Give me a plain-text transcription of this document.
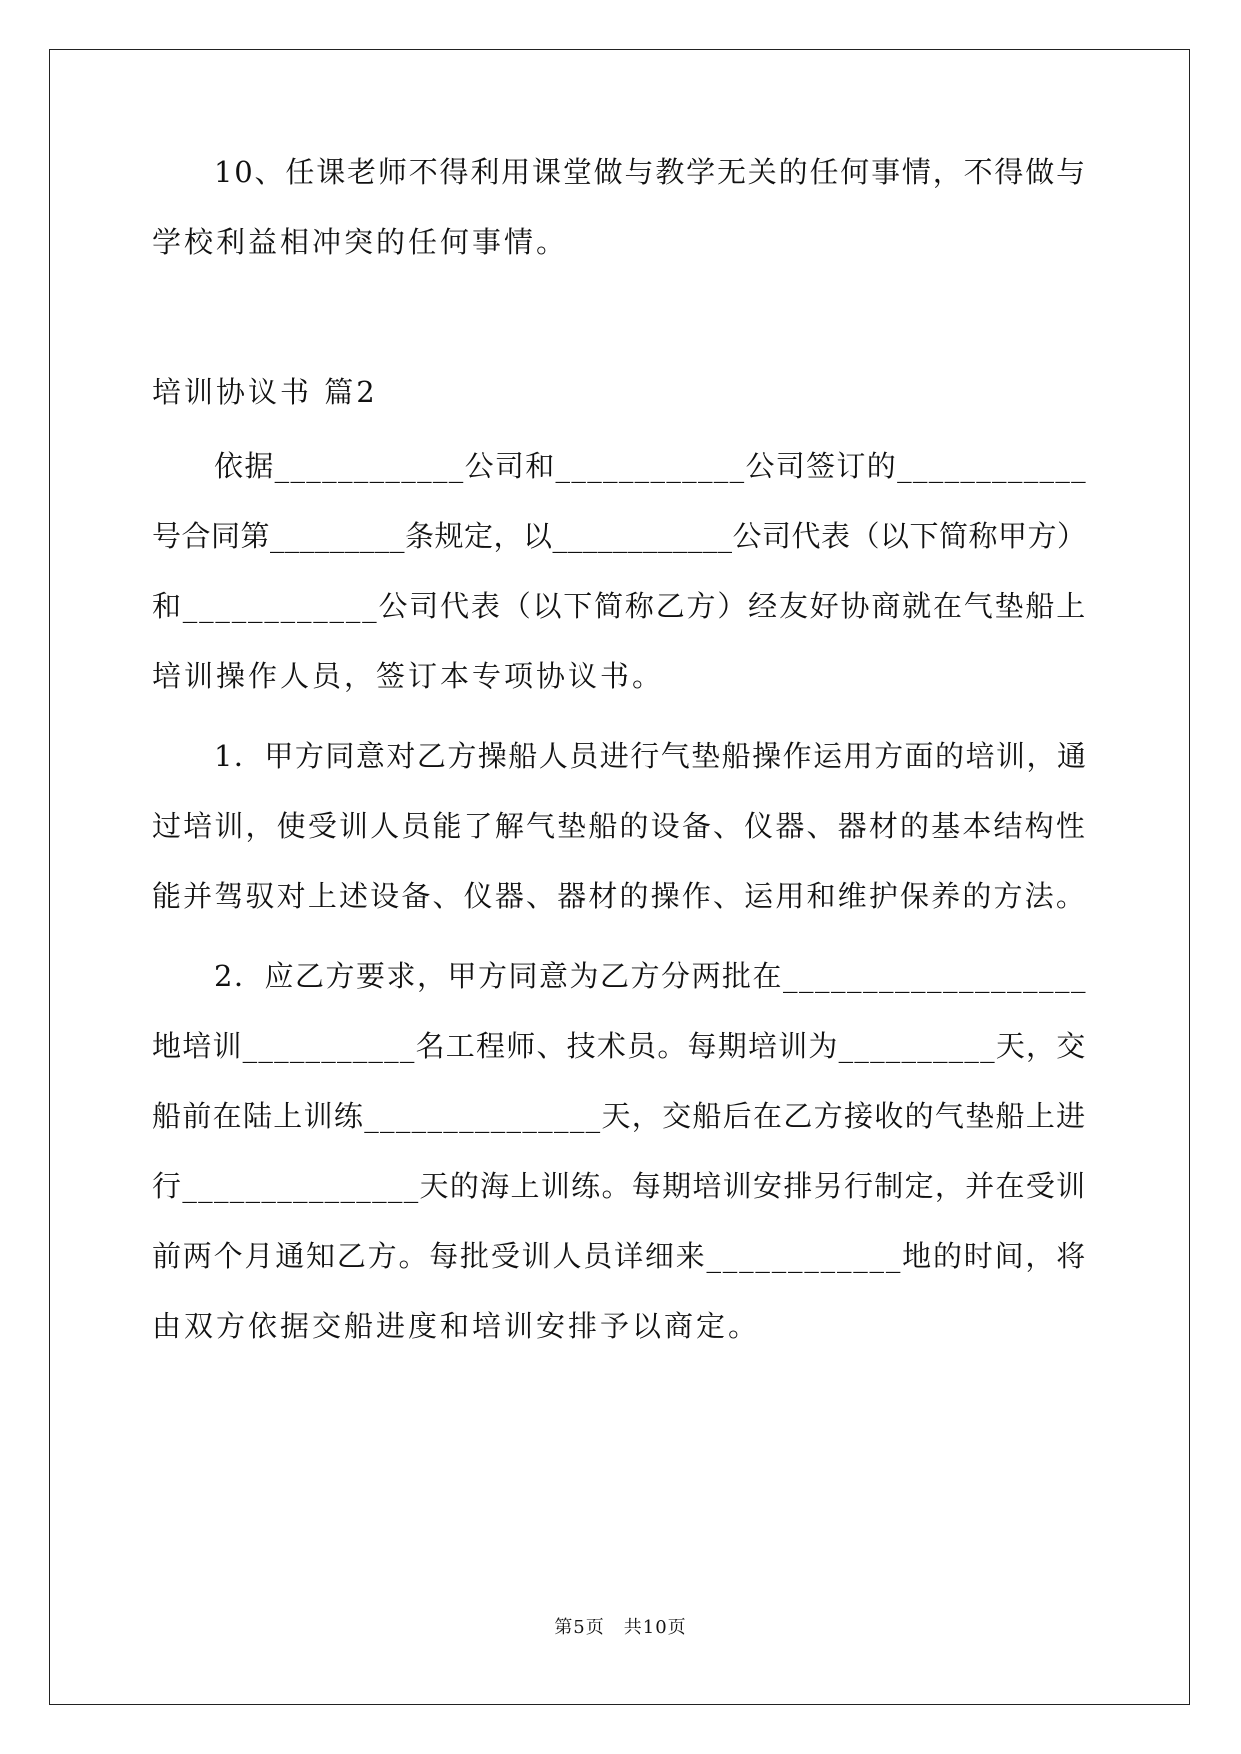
10、任课老师不得利用课堂做与教学无关的任何事情，不得做与
学校利益相冲突的任何事情。
培训协议书 篇2
依据____________公司和____________公司签订的____________
号合同第_________条规定，以____________公司代表（以下简称甲方）
和____________公司代表（以下简称乙方）经友好协商就在气垫船上
培训操作人员，签订本专项协议书。
1．甲方同意对乙方操船人员进行气垫船操作运用方面的培训，通
过培训，使受训人员能了解气垫船的设备、仪器、器材的基本结构性
能并驾驭对上述设备、仪器、器材的操作、运用和维护保养的方法。
2．应乙方要求，甲方同意为乙方分两批在___________________
地培训___________名工程师、技术员。每期培训为__________天，交
船前在陆上训练_______________天，交船后在乙方接收的气垫船上进
行_______________天的海上训练。每期培训安排另行制定，并在受训
前两个月通知乙方。每批受训人员详细来____________地的时间，将
由双方依据交船进度和培训安排予以商定。
第5页　共10页
